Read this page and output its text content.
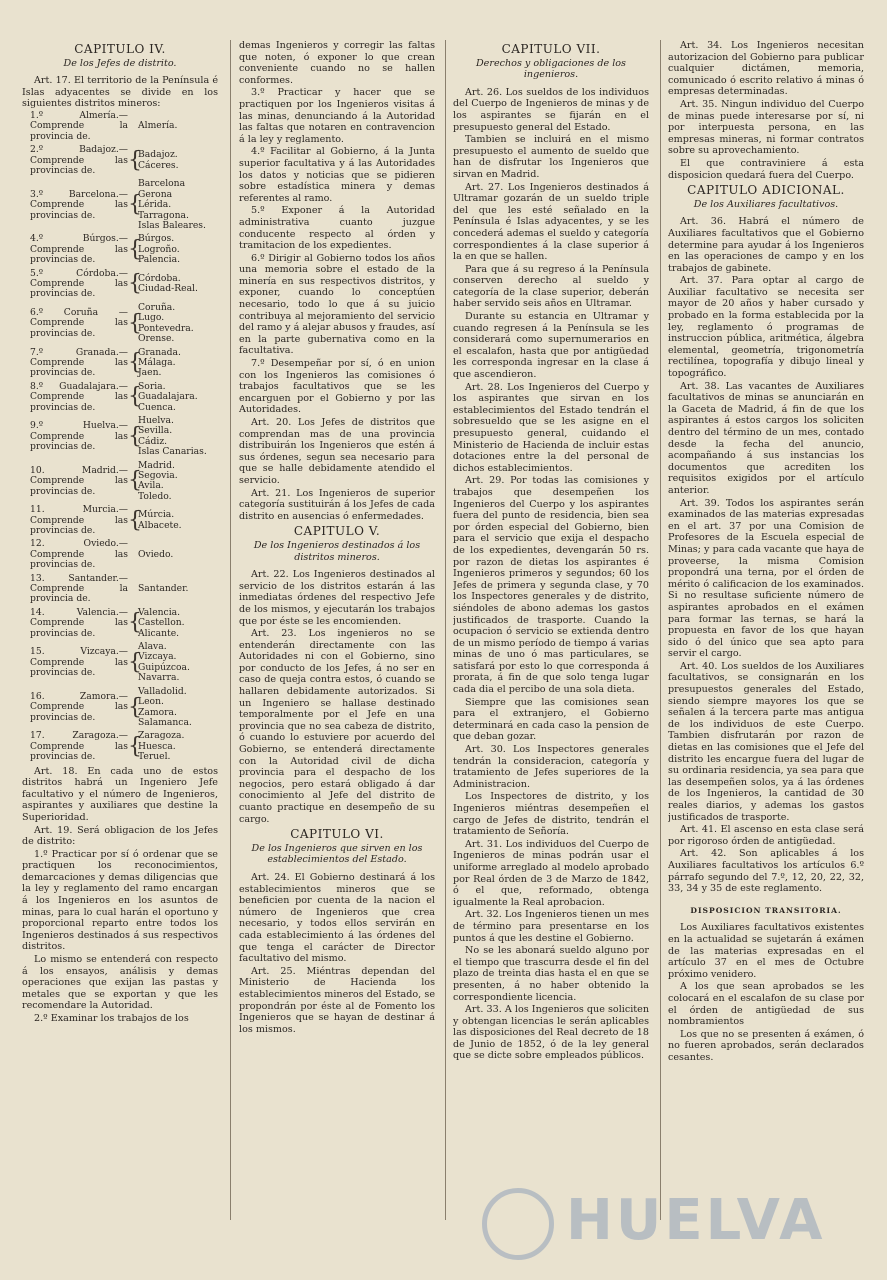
CAPITULO IV.
De los Jefes de distrito.

Art. 17. El territorio de la Península é Islas adyacentes se divide en los siguientes distritos mineros:

1.º Almería.—Comprende la provincia de.
Almería.
2.º Badajoz.—Comprende las provincias de.	{
Badajoz.
Cáceres.
3.º Barcelona.—Comprende las provincias de.	{
Barcelona
Gerona
Lérida.
Tarragona.
Islas Baleares.
4.º Búrgos.—Comprende las provincias de.	{
Búrgos.
Logroño.
Palencia.
5.º Córdoba.—Comprende las provincias de.	{
Córdoba.
Ciudad-Real.
6.º Coruña —Comprende las provincias de.	{
Coruña.
Lugo.
Pontevedra.
Orense.
7.º Granada.—Comprende las provincias de.	{
Granada.
Málaga.
Jaen.
8.º Guadalajara.—Comprende las provincias de.	{
Soria.
Guadalajara.
Cuenca.
9.º Huelva.—Comprende las provincias de.	{
Huelva.
Sevilla.
Cádiz.
Islas Canarias.
10. Madrid.—Comprende las provincias de.	{
Madrid.
Segovia.
Avila.
Toledo.
11. Murcia.—Comprende las provincias de.	{
Múrcia.
Albacete.
12. Oviedo.—Comprende las provincias de.
Oviedo.
13. Santander.—Comprende la provincia de.
Santander.
14. Valencia.—Comprende las provincias de.	{
Valencia.
Castellon.
Alicante.
15. Vizcaya.—Comprende las provincias de.	{
Alava.
Vizcaya.
Guipúzcoa.
Navarra.
16. Zamora.—Comprende las provincias de.	{
Valladolid.
Leon.
Zamora.
Salamanca.
17. Zaragoza.—Comprende las provincias de.	{
Zaragoza.
Huesca.
Teruel.

Art. 18. En cada uno de estos distritos habrá un Ingeniero Jefe facultativo y el número de Ingenieros, aspirantes y auxiliares que destine la Superioridad.

Art. 19. Será obligacion de los Jefes de distrito:

1.º Practicar por sí ó ordenar que se practiquen los reconocimientos, demarcaciones y demas diligencias que la ley y reglamento del ramo encargan á los Ingenieros en los asuntos de minas, para lo cual harán el oportuno y proporcional reparto entre todos los Ingenieros destinados á sus respectivos distritos.

Lo mismo se entenderá con respecto á los ensayos, análisis y demas operaciones que exijan las pastas y metales que se exportan y que les recomendare la Autoridad.

2.º Examinar los trabajos de los

demas Ingenieros y corregir las faltas que noten, ó exponer lo que crean conveniente cuando no se hallen conformes.

3.º Practicar y hacer que se practiquen por los Ingenieros visitas á las minas, denunciando á la Autoridad las faltas que notaren en contravencion á la ley y reglamento.

4.º Facilitar al Gobierno, á la Junta superior facultativa y á las Autoridades los datos y noticias que se pidieren sobre estadística minera y demas referentes al ramo.

5.º Exponer á la Autoridad administrativa cuanto juzgue conducente respecto al órden y tramitacion de los expedientes.

6.º Dirigir al Gobierno todos los años una memoria sobre el estado de la minería en sus respectivos distritos, y exponer, cuando lo conceptúen necesario, todo lo que á su juicio contribuya al mejoramiento del servicio del ramo y á alejar abusos y fraudes, así en la parte gubernativa como en la facultativa.

7.º Desempeñar por sí, ó en union con los Ingenieros las comisiones ó trabajos facultativos que se les encarguen por el Gobierno y por las Autoridades.

Art. 20. Los Jefes de distritos que comprendan mas de una provincia distribuirán los Ingenieros que estén á sus órdenes, segun sea necesario para que se halle debidamente atendido el servicio.

Art. 21. Los Ingenieros de superior categoría sustituirán á los Jefes de cada distrito en ausencias ó enfermedades.

CAPITULO V.
De los Ingenieros destinados á los distritos mineros.

Art. 22. Los Ingenieros destinados al servicio de los distritos estarán á las inmediatas órdenes del respectivo Jefe de los mismos, y ejecutarán los trabajos que por éste se les encomienden.

Art. 23. Los ingenieros no se entenderán directamente con las Autoridades ni con el Gobierno, sino por conducto de los Jefes, á no ser en caso de queja contra estos, ó cuando se hallaren debidamente autorizados. Si un Ingeniero se hallase destinado temporalmente por el Jefe en una provincia que no sea cabeza de distrito, ó cuando lo estuviere por acuerdo del Gobierno, se entenderá directamente con la Autoridad civil de dicha provincia para el despacho de los negocios, pero estará obligado á dar conocimiento al Jefe del distrito de cuanto practique en desempeño de su cargo.

CAPITULO VI.
De los Ingenieros que sirven en los establecimientos del Estado.

Art. 24. El Gobierno destinará á los establecimientos mineros que se beneficien por cuenta de la nacion el número de Ingenieros que crea necesario, y todos ellos servirán en cada establecimiento á las órdenes del que tenga el carácter de Director facultativo del mismo.

Art. 25. Miéntras dependan del Ministerio de Hacienda los establecimientos mineros del Estado, se propondrán por éste al de Fomento los Ingenieros que se hayan de destinar á los mismos.

CAPITULO VII.
Derechos y obligaciones de los ingenieros.

Art. 26. Los sueldos de los individuos del Cuerpo de Ingenieros de minas y de los aspirantes se fijarán en el presupuesto general del Estado.

Tambien se incluirá en el mismo presupuesto el aumento de sueldo que han de disfrutar los Ingenieros que sirvan en Madrid.

Art. 27. Los Ingenieros destinados á Ultramar gozarán de un sueldo triple del que les esté señalado en la Península é Islas adyacentes, y se les concederá ademas el sueldo y categoría correspondientes á la clase superior á la en que se hallen.

Para que á su regreso á la Península conserven derecho al sueldo y categoría de la clase superior, deberán haber servido seis años en Ultramar.

Durante su estancia en Ultramar y cuando regresen á la Península se les considerará como supernumerarios en el escalafon, hasta que por antigüedad les corresponda ingresar en la clase á que ascendieron.

Art. 28. Los Ingenieros del Cuerpo y los aspirantes que sirvan en los establecimientos del Estado tendrán el sobresueldo que se les asigne en el presupuesto general, cuidando el Ministerio de Hacienda de incluir estas dotaciones entre la del personal de dichos establecimientos.

Art. 29. Por todas las comisiones y trabajos que desempeñen los Ingenieros del Cuerpo y los aspirantes fuera del punto de residencia, bien sea por órden especial del Gobierno, bien para el servicio que exija el despacho de los expedientes, devengarán 50 rs. por razon de dietas los aspirantes é Ingenieros primeros y segundos; 60 los Jefes de primera y segunda clase, y 70 los Inspectores generales y de distrito, siéndoles de abono ademas los gastos justificados de trasporte. Cuando la ocupacion ó servicio se extienda dentro de un mismo período de tiempo á varias minas de uno ó mas particulares, se satisfará por esto lo que corresponda á prorata, á fin de que solo tenga lugar cada dia el percibo de una sola dieta.

Siempre que las comisiones sean para el extranjero, el Gobierno determinará en cada caso la pension de que deban gozar.

Art. 30. Los Inspectores generales tendrán la consideracion, categoría y tratamiento de Jefes superiores de la Administracion.

Los Inspectores de distrito, y los Ingenieros miéntras desempeñen el cargo de Jefes de distrito, tendrán el tratamiento de Señoría.

Art. 31. Los individuos del Cuerpo de Ingenieros de minas podrán usar el uniforme arreglado al modelo aprobado por Real órden de 3 de Marzo de 1842, ó el que, reformado, obtenga igualmente la Real aprobacion.

Art. 32. Los Ingenieros tienen un mes de término para presentarse en los puntos á que les destine el Gobierno.

No se les abonará sueldo alguno por el tiempo que trascurra desde el fin del plazo de treinta dias hasta el en que se presenten, á no haber obtenido la correspondiente licencia.

Art. 33. A los Ingenieros que soliciten y obtengan licencias le serán aplicables las disposiciones del Real decreto de 18 de Junio de 1852, ó de la ley general que se dicte sobre empleados públicos.

Art. 34. Los Ingenieros necesitan autorizacion del Gobierno para publicar cualquier dictámen, memoria, comunicado ó escrito relativo á minas ó empresas determinadas.

Art. 35. Ningun individuo del Cuerpo de minas puede interesarse por sí, ni por interpuesta persona, en las empresas mineras, ni formar contratos sobre su aprovechamiento.

El que contraviniere á esta disposicion quedará fuera del Cuerpo.

CAPITULO ADICIONAL.
De los Auxiliares facultativos.

Art. 36. Habrá el número de Auxiliares facultativos que el Gobierno determine para ayudar á los Ingenieros en las operaciones de campo y en los trabajos de gabinete.

Art. 37. Para optar al cargo de Auxiliar facultativo se necesita ser mayor de 20 años y haber cursado y probado en la forma establecida por la ley, reglamento ó programas de instruccion pública, aritmética, álgebra elemental, geometría, trigonometría rectilínea, topografía y dibujo lineal y topográfico.

Art. 38. Las vacantes de Auxiliares facultativos de minas se anunciarán en la Gaceta de Madrid, á fin de que los aspirantes á estos cargos los soliciten dentro del término de un mes, contado desde la fecha del anuncio, acompañando á sus instancias los documentos que acrediten los requisitos exigidos por el artículo anterior.

Art. 39. Todos los aspirantes serán examinados de las materias expresadas en el art. 37 por una Comision de Profesores de la Escuela especial de Minas; y para cada vacante que haya de proveerse, la misma Comision propondrá una terna, por el órden de mérito ó calificacion de los examinados. Si no resultase suficiente número de aspirantes aprobados en el exámen para formar las ternas, se hará la propuesta en favor de los que hayan sido ó del único que sea apto para servir el cargo.

Art. 40. Los sueldos de los Auxiliares facultativos, se consignarán en los presupuestos generales del Estado, siendo siempre mayores los que se señalen á la tercera parte mas antigua de los individuos de este Cuerpo. Tambien disfrutarán por razon de dietas en las comisiones que el Jefe del distrito les encargue fuera del lugar de su ordinaria residencia, ya sea para que las desempeñen solos, ya á las órdenes de los Ingenieros, la cantidad de 30 reales diarios, y ademas los gastos justificados de trasporte.

Art. 41. El ascenso en esta clase será por rigoroso órden de antigüedad.

Art. 42. Son aplicables á los Auxiliares facultativos los artículos 6.º párrafo segundo del 7.º, 12, 20, 22, 32, 33, 34 y 35 de este reglamento.

DISPOSICION TRANSITORIA.

Los Auxiliares facultativos existentes en la actualidad se sujetarán á exámen de las materias expresadas en el artículo 37 en el mes de Octubre próximo venidero.

A los que sean aprobados se les colocará en el escalafon de su clase por el órden de antigüedad de sus nombramientos

Los que no se presenten á exámen, ó no fueren aprobados, serán declarados cesantes.

HUELVA
